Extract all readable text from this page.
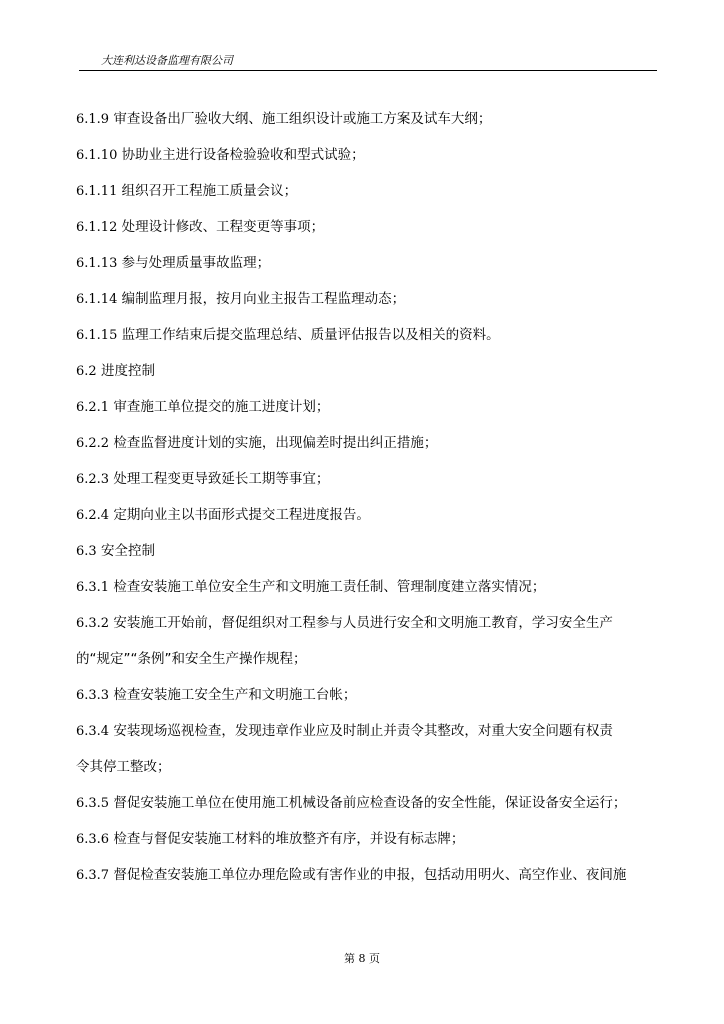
大连利达设备监理有限公司
6.1.9 审查设备出厂验收大纲、施工组织设计或施工方案及试车大纲；
6.1.10 协助业主进行设备检验验收和型式试验；
6.1.11 组织召开工程施工质量会议；
6.1.12 处理设计修改、工程变更等事项；
6.1.13 参与处理质量事故监理；
6.1.14 编制监理月报，按月向业主报告工程监理动态；
6.1.15 监理工作结束后提交监理总结、质量评估报告以及相关的资料。
6.2 进度控制
6.2.1 审查施工单位提交的施工进度计划；
6.2.2 检查监督进度计划的实施，出现偏差时提出纠正措施；
6.2.3 处理工程变更导致延长工期等事宜；
6.2.4 定期向业主以书面形式提交工程进度报告。
6.3 安全控制
6.3.1 检查安装施工单位安全生产和文明施工责任制、管理制度建立落实情况；
6.3.2 安装施工开始前，督促组织对工程参与人员进行安全和文明施工教育，学习安全生产
的“规定”“条例”和安全生产操作规程；
6.3.3 检查安装施工安全生产和文明施工台帐；
6.3.4 安装现场巡视检查，发现违章作业应及时制止并责令其整改，对重大安全问题有权责
令其停工整改；
6.3.5 督促安装施工单位在使用施工机械设备前应检查设备的安全性能，保证设备安全运行；
6.3.6 检查与督促安装施工材料的堆放整齐有序，并设有标志牌；
6.3.7 督促检查安装施工单位办理危险或有害作业的申报，包括动用明火、高空作业、夜间施
第 8 页
